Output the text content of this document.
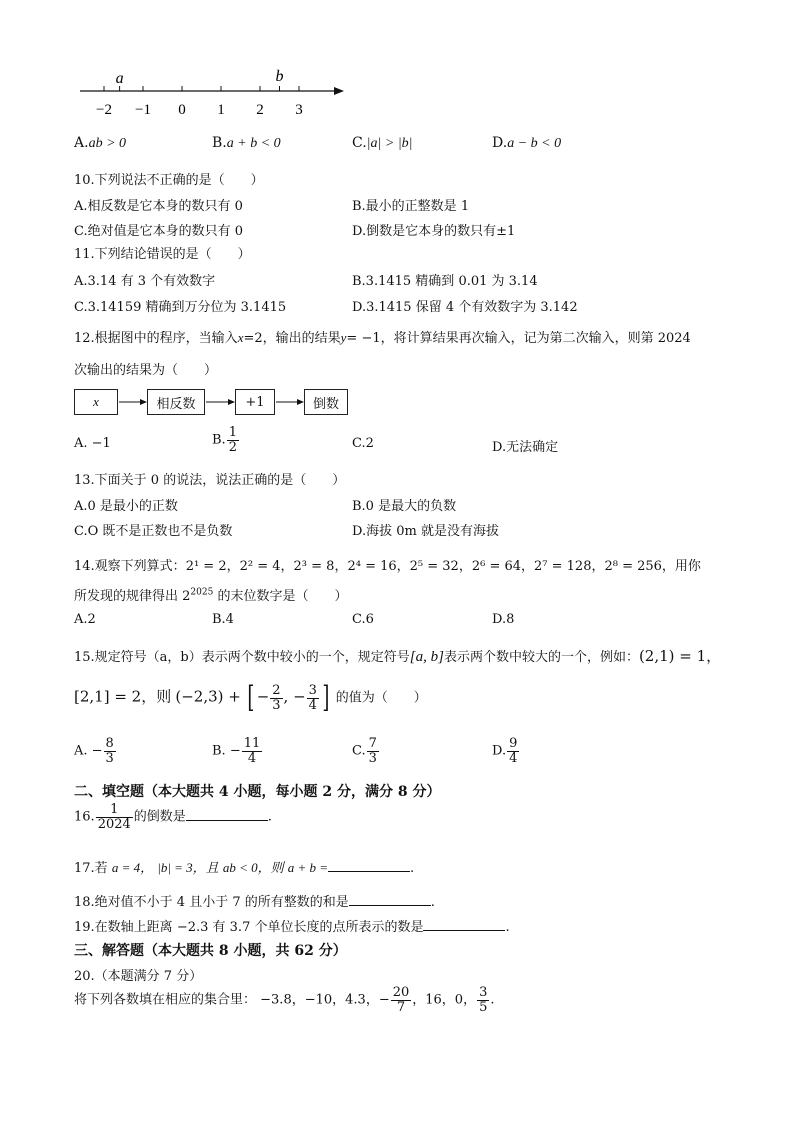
−2 −1 0 1 2 3
a	b
A.ab > 0	B.a + b < 0	C.|a| > |b|	D.a − b < 0
10.下列说法不正确的是（　　）
A.相反数是它本身的数只有 0	B.最小的正整数是 1
C.绝对值是它本身的数只有 0	D.倒数是它本身的数只有±1
11.下列结论错误的是（　　）
A.3.14 有 3 个有效数字	B.3.1415 精确到 0.01 为 3.14
C.3.14159 精确到万分位为 3.1415	D.3.1415 保留 4 个有效数字为 3.142
12.根据图中的程序，当输入x=2，输出的结果y= −1，将计算结果再次输入，记为第二次输入，则第 2024
次输出的结果为（　　）
x	相反数	+1	倒数
A. −1	B. $\frac{1}{2}$	C.2	D.无法确定
13.下面关于 0 的说法，说法正确的是（　　）
A.0 是最小的正数	B.0 是最大的负数
C.O 既不是正数也不是负数	D.海拔 0m 就是没有海拔
14.观察下列算式：2¹ = 2，2² = 4，2³ = 8，2⁴ = 16，2⁵ = 32，2⁶ = 64，2⁷ = 128，2⁸ = 256，用你
所发现的规律得出 $2^{2025}$ 的末位数字是（　　）
A.2	B.4	C.6	D.8
15.规定符号（a，b）表示两个数中较小的一个，规定符号[a, b]表示两个数中较大的一个，例如：(2,1) = 1，
[2,1] = 2，则 (−2,3) + [ − $\frac{2}{3}$ , − $\frac{3}{4}$ ] 的值为（　　）
A. − $\frac{8}{3}$	B. − $\frac{11}{4}$	C. $\frac{7}{3}$	D. $\frac{9}{4}$
二、填空题（本大题共 4 小题，每小题 2 分，满分 8 分）
16. $\frac{1}{2024}$ 的倒数是	.
17.若 a = 4， |b| = 3，且 ab < 0，则 a + b =	.
18.绝对值不小于 4 且小于 7 的所有整数的和是	.
19.在数轴上距离 −2.3 有 3.7 个单位长度的点所表示的数是	.
三、解答题（本大题共 8 小题，共 62 分）
20.（本题满分 7 分）
将下列各数填在相应的集合里： −3.8，−10，4.3，− $\frac{20}{7}$ ，16，0， $\frac{3}{5}$ .
